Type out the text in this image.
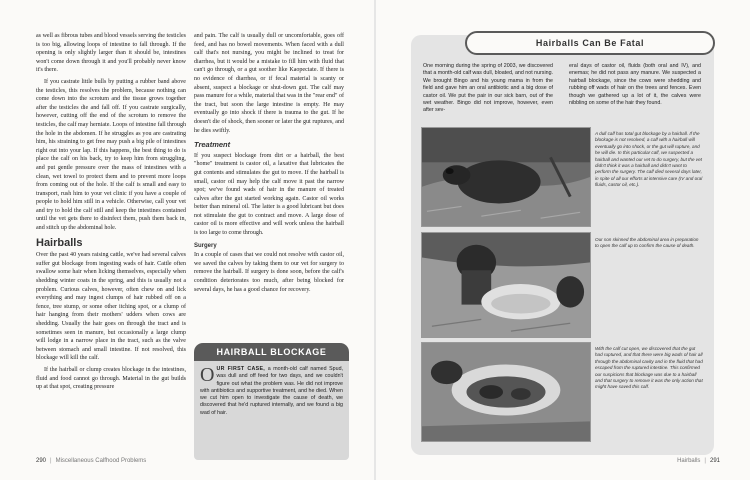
as well as fibrous tubes and blood vessels serving the testicles is too big, allowing loops of intestine to fall through. If the opening is only slightly larger than it should be, intestines won't come down through it and you'll probably never know it's there.

If you castrate little bulls by putting a rubber band above the testicles, this resolves the problem, because nothing can come down into the scrotum and the tissue grows together after the testicles die and fall off. If you castrate surgically, however, cutting off the end of the scrotum to remove the testicles, the calf may herniate. Loops of intestine fall through the hole in the abdomen. If he struggles as you are castrating him, his straining to get free may push a big pile of intestines right out into your lap. If this happens, the best thing to do is place the calf on his back, try to keep him from struggling, and put gentle pressure over the mass of intestines with a clean, wet towel to protect them and to prevent more loops from coming out of the hole. If the calf is small and easy to transport, rush him to your vet clinic if you have a couple of people to hold him still in a vehicle. Otherwise, call your vet and try to hold the calf still and keep the intestines contained until the vet gets there to disinfect them, push them back in, and stitch up the abdominal hole.

Hairballs

Over the past 40 years raising cattle, we've had several calves suffer gut blockage from ingesting wads of hair. Cattle often swallow some hair when licking themselves, especially when shedding winter coats in the spring, and this is usually not a problem. Curious calves, however, often chew on and lick everything and may ingest clumps of hair rubbed off on a fence, tree stump, or some other itching spot, or a clump of hair hanging from their mothers' udders when cows are shedding. Usually the hair goes on through the tract and is sometimes seen in manure, but occasionally a large clump will lodge in a narrow place in the tract, such as the valve between stomach and small intestine. If not resolved, this blockage will kill the calf.

If the hairball or clump creates blockage in the intestines, fluid and food cannot go through. Material in the gut builds up at that spot, creating pressure

and pain. The calf is usually dull or uncomfortable, goes off feed, and has no bowel movements. When faced with a dull calf that's not nursing, you might be inclined to treat for diarrhea, but it would be a mistake to fill him with fluid that can't go through, or a gut soother like Kaopectate. If there is no evidence of diarrhea, or if fecal material is scanty or absent, suspect a blockage or shut-down gut. The calf may pass manure for a while, material that was in the "rear end" of the tract, but soon the large intestine is empty. He may eventually go into shock if there is trauma to the gut. If he doesn't die of shock, then sooner or later the gut ruptures, and he dies swiftly.

Treatment

If you suspect blockage from dirt or a hairball, the best "home" treatment is castor oil, a laxative that lubricates the gut contents and stimulates the gut to move. If the hairball is small, castor oil may help the calf move it past the narrow spot; we've found wads of hair in the manure of treated calves after the gut started working again. Castor oil works better than mineral oil. The latter is a good lubricant but does not stimulate the gut to contract and move. A large dose of castor oil is more effective and will work unless the hairball is too large to come through.

Surgery

In a couple of cases that we could not resolve with castor oil, we saved the calves by taking them to our vet for surgery to remove the hairball. If surgery is done soon, before the calf's condition deteriorates too much, after being blocked for several days, he has a good chance for recovery.

HAIRBALL BLOCKAGE
OUR FIRST CASE, a month-old calf named Spud, was dull and off feed for two days, and we couldn't figure out what the problem was. He did not improve with antibiotics and supportive treatment, and he died. When we cut him open to investigate the cause of death, we discovered that he'd ruptured internally, and we found a big wad of hair.
290 | Miscellaneous Calfhood Problems
Hairballs Can Be Fatal
One morning during the spring of 2003, we discovered that a month-old calf was dull, bloated, and not nursing. We brought Bingo and his young mama in from the field and gave him an oral antibiotic and a big dose of castor oil. We put the pair in our sick barn, out of the wet weather. Bingo did not improve, however, even after sev-
eral days of castor oil, fluids (both oral and IV), and enemas; he did not pass any manure. We suspected a hairball blockage, since the cows were shedding and rubbing off wads of hair on the trees and fences. Even though we gathered up a lot of it, the calves were nibbling on some of the hair they found.
A dull calf has total gut blockage by a hairball. If the blockage is not resolved, a calf with a hairball will eventually go into shock, or the gut will rupture, and he will die. In this particular calf, we suspected a hairball and wanted our vet to do surgery, but the vet didn't think it was a hairball and didn't want to perform the surgery. The calf died several days later, in spite of all our efforts at intensive care (IV and oral fluids, castor oil, etc.).
Our son skinned the abdominal area in preparation to open the calf up to confirm the cause of death.
With the calf cut open, we discovered that the gut had ruptured, and that there were big wads of hair all through the abdominal cavity and in the fluid that had escaped from the ruptured intestine. This confirmed our suspicions that blockage was due to a hairball and that surgery to remove it was the only action that might have saved this calf.
Hairballs | 291
